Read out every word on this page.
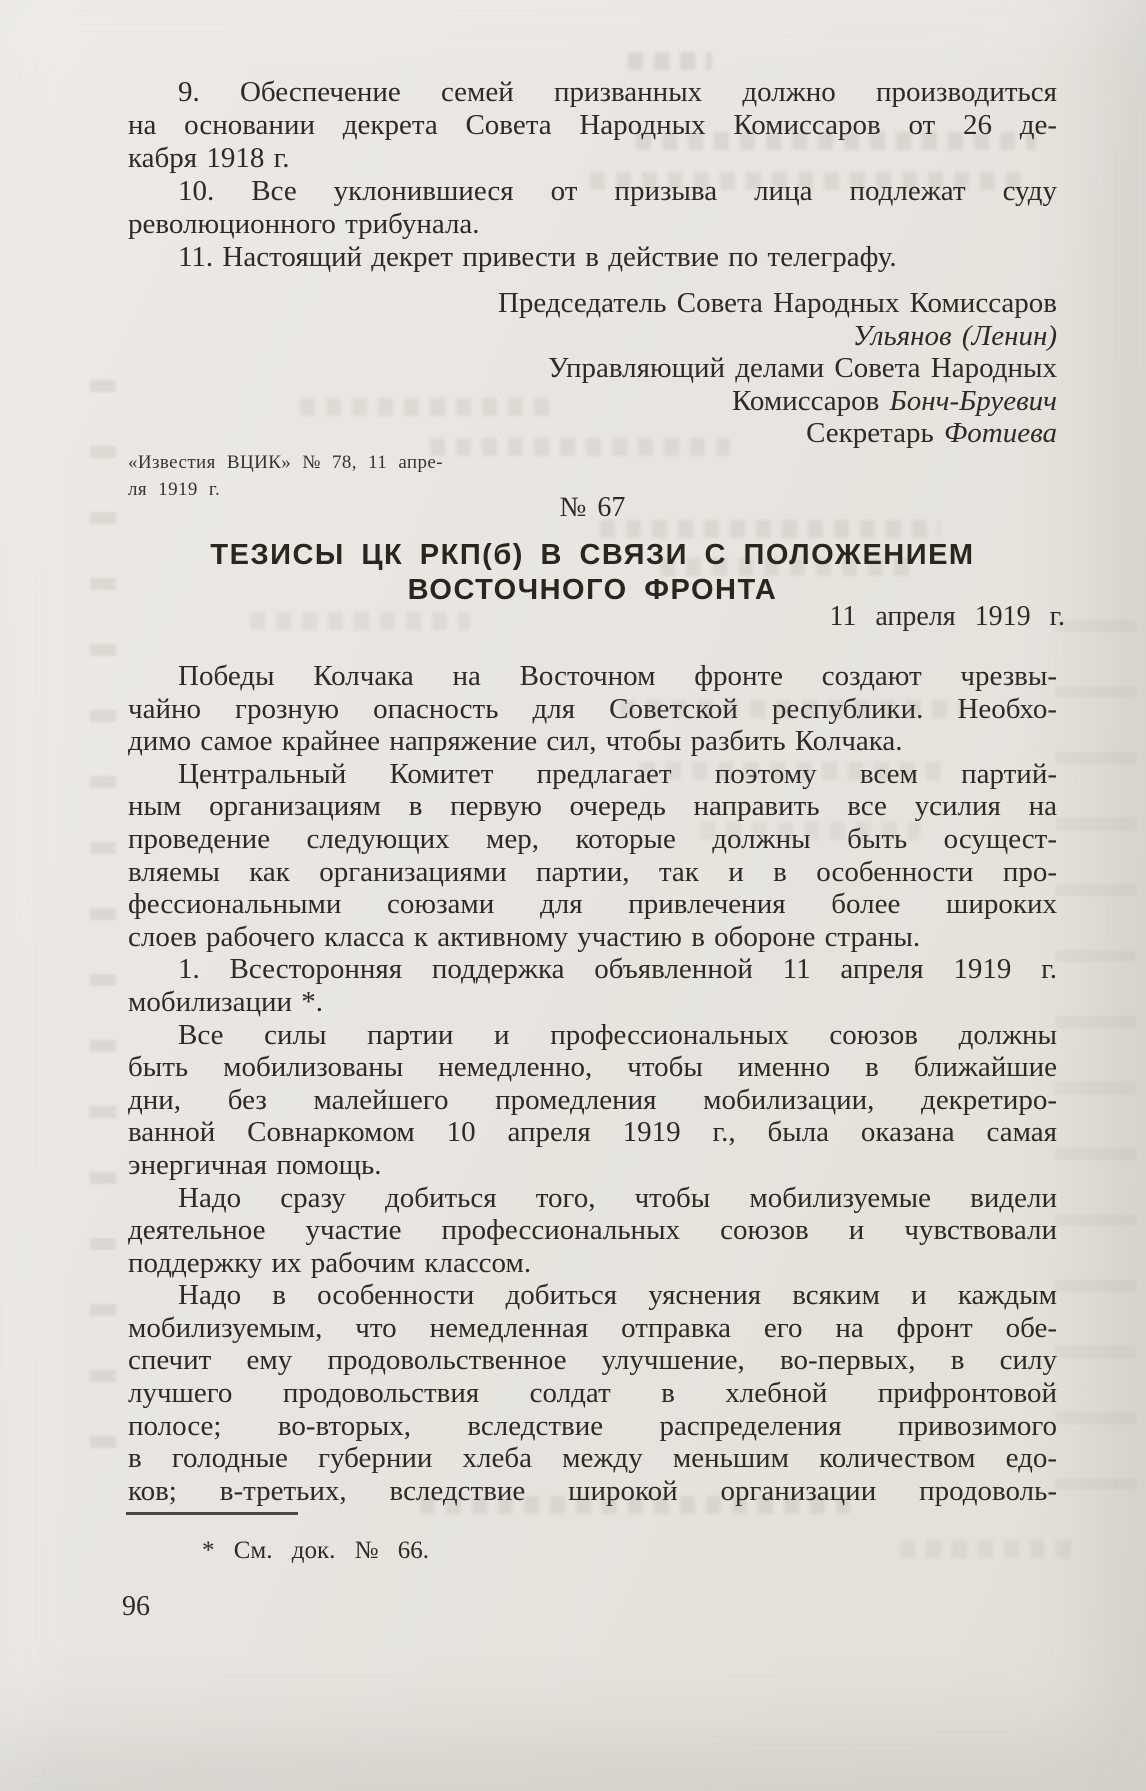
9. Обеспечение семей призванных должно производиться
на основании декрета Совета Народных Комиссаров от 26 де-
кабря 1918 г.
10. Все уклонившиеся от призыва лица подлежат суду
революционного трибунала.
11. Настоящий декрет привести в действие по телеграфу.
Председатель Совета Народных Комиссаров
Ульянов (Ленин)
Управляющий делами Совета Народных
Комиссаров Бонч-Бруевич
Секретарь Фотиева
«Известия ВЦИК» № 78, 11 апре-
ля 1919 г.
№ 67
ТЕЗИСЫ ЦК РКП(б) В СВЯЗИ С ПОЛОЖЕНИЕМ
ВОСТОЧНОГО ФРОНТА
11 апреля 1919 г.
Победы Колчака на Восточном фронте создают чрезвы-
чайно грозную опасность для Советской республики. Необхо-
димо самое крайнее напряжение сил, чтобы разбить Колчака.
Центральный Комитет предлагает поэтому всем партий-
ным организациям в первую очередь направить все усилия на
проведение следующих мер, которые должны быть осущест-
вляемы как организациями партии, так и в особенности про-
фессиональными союзами для привлечения более широких
слоев рабочего класса к активному участию в обороне страны.
1. Всесторонняя поддержка объявленной 11 апреля 1919 г.
мобилизации *.
Все силы партии и профессиональных союзов должны
быть мобилизованы немедленно, чтобы именно в ближайшие
дни, без малейшего промедления мобилизации, декретиро-
ванной Совнаркомом 10 апреля 1919 г., была оказана самая
энергичная помощь.
Надо сразу добиться того, чтобы мобилизуемые видели
деятельное участие профессиональных союзов и чувствовали
поддержку их рабочим классом.
Надо в особенности добиться уяснения всяким и каждым
мобилизуемым, что немедленная отправка его на фронт обе-
спечит ему продовольственное улучшение, во-первых, в силу
лучшего продовольствия солдат в хлебной прифронтовой
полосе; во-вторых, вследствие распределения привозимого
в голодные губернии хлеба между меньшим количеством едо-
ков; в-третьих, вследствие широкой организации продоволь-
* См. док. № 66.
96
